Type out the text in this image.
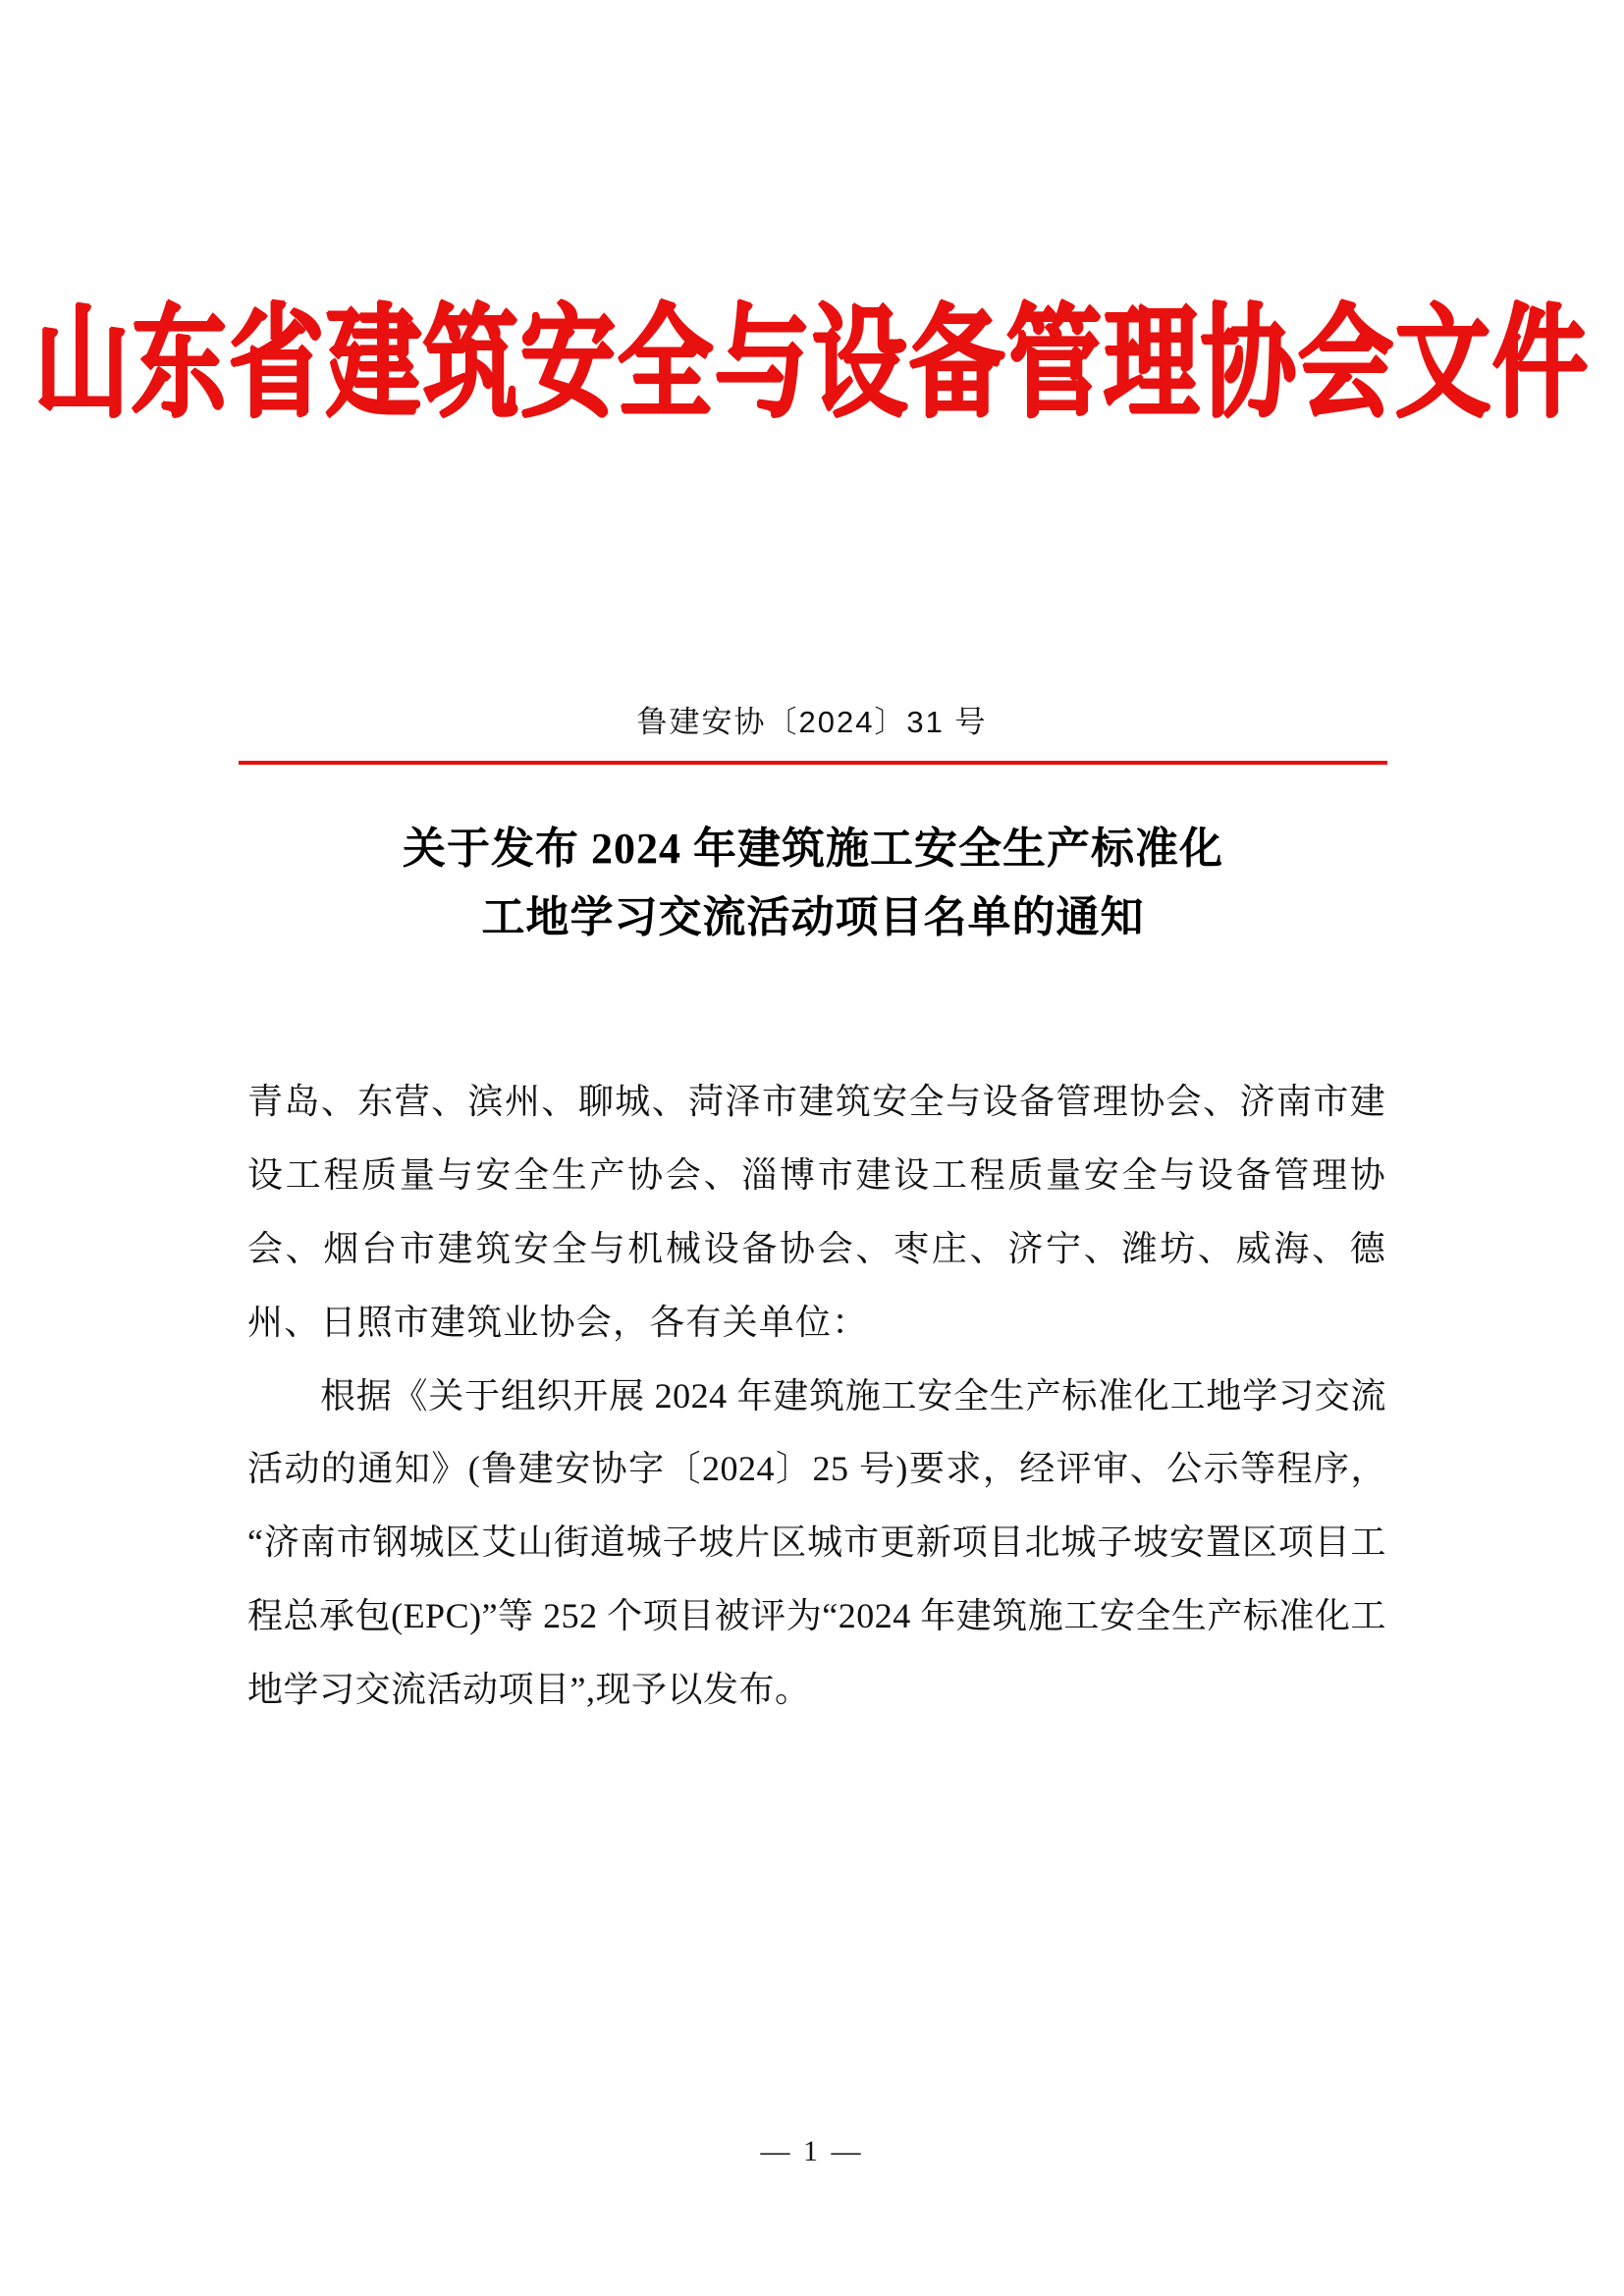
山东省建筑安全与设备管理协会文件
鲁建安协〔2024〕31 号
关于发布 2024 年建筑施工安全生产标准化
工地学习交流活动项目名单的通知

青岛、东营、滨州、聊城、菏泽市建筑安全与设备管理协会、济南市建设工程质量与安全生产协会、淄博市建设工程质量安全与设备管理协会、烟台市建筑安全与机械设备协会、枣庄、济宁、潍坊、威海、德州、日照市建筑业协会，各有关单位：

根据《关于组织开展 2024 年建筑施工安全生产标准化工地学习交流活动的通知》(鲁建安协字〔2024〕25 号)要求，经评审、公示等程序，“济南市钢城区艾山街道城子坡片区城市更新项目北城子坡安置区项目工程总承包(EPC)”等 252 个项目被评为“2024 年建筑施工安全生产标准化工地学习交流活动项目”,现予以发布。

— 1 —
